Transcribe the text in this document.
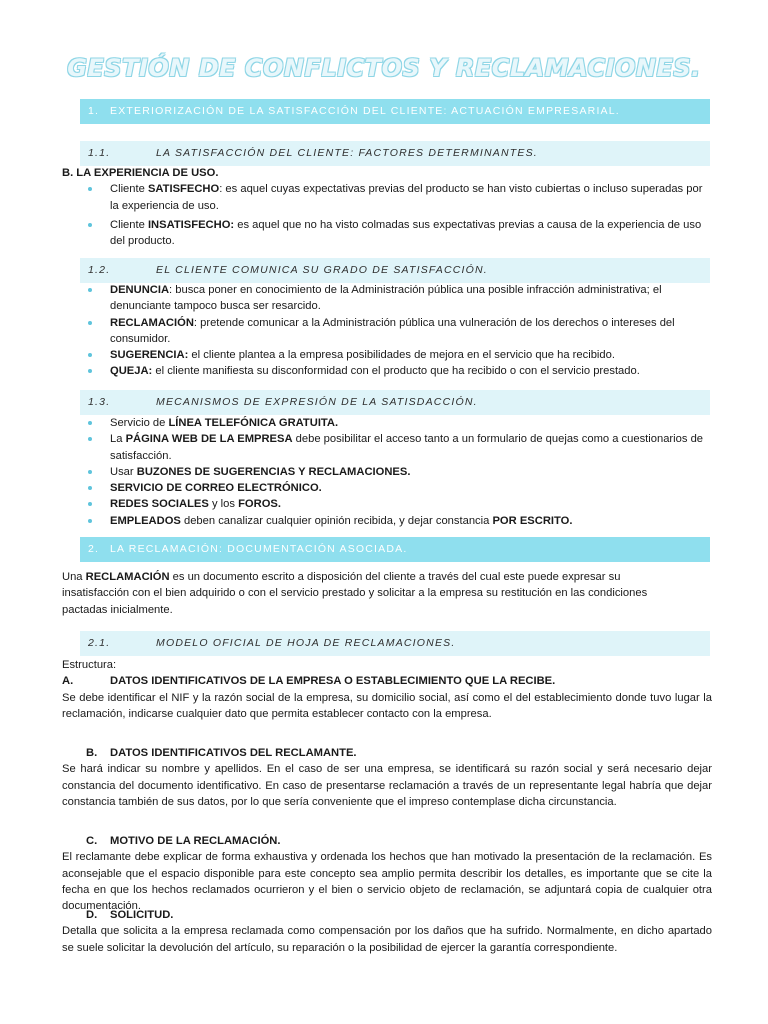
GESTIÓN DE CONFLICTOS Y RECLAMACIONES.
1.	EXTERIORIZACIÓN DE LA SATISFACCIÓN DEL CLIENTE: ACTUACIÓN EMPRESARIAL.
1.1.	LA SATISFACCIÓN DEL CLIENTE: FACTORES DETERMINANTES.
B. LA EXPERIENCIA DE USO.
Cliente SATISFECHO: es aquel cuyas expectativas previas del producto se han visto cubiertas o incluso superadas por la experiencia de uso.
Cliente INSATISFECHO: es aquel que no ha visto colmadas sus expectativas previas a causa de la experiencia de uso del producto.
1.2.	EL CLIENTE COMUNICA SU GRADO DE SATISFACCIÓN.
DENUNCIA: busca poner en conocimiento de la Administración pública una posible infracción administrativa; el denunciante tampoco busca ser resarcido.
RECLAMACIÓN: pretende comunicar a la Administración pública una vulneración de los derechos o intereses del consumidor.
SUGERENCIA: el cliente plantea a la empresa posibilidades de mejora en el servicio que ha recibido.
QUEJA: el cliente manifiesta su disconformidad con el producto que ha recibido o con el servicio prestado.
1.3.	MECANISMOS DE EXPRESIÓN DE LA SATISDACCIÓN.
Servicio de LÍNEA TELEFÓNICA GRATUITA.
La PÁGINA WEB DE LA EMPRESA debe posibilitar el acceso tanto a un formulario de quejas como a cuestionarios de satisfacción.
Usar BUZONES DE SUGERENCIAS Y RECLAMACIONES.
SERVICIO DE CORREO ELECTRÓNICO.
REDES SOCIALES y los FOROS.
EMPLEADOS deben canalizar cualquier opinión recibida, y dejar constancia POR ESCRITO.
2.	LA RECLAMACIÓN: DOCUMENTACIÓN ASOCIADA.

Una RECLAMACIÓN es un documento escrito a disposición del cliente a través del cual este puede expresar su insatisfacción con el bien adquirido o con el servicio prestado y solicitar a la empresa su restitución en las condiciones pactadas inicialmente.

2.1.	MODELO OFICIAL DE HOJA DE RECLAMACIONES.
Estructura:
A.	DATOS IDENTIFICATIVOS DE LA EMPRESA O ESTABLECIMIENTO QUE LA RECIBE.

Se debe identificar el NIF y la razón social de la empresa, su domicilio social, así como el del establecimiento donde tuvo lugar la reclamación, indicarse cualquier dato que permita establecer contacto con la empresa.

B. DATOS IDENTIFICATIVOS DEL RECLAMANTE.

Se hará indicar su nombre y apellidos. En el caso de ser una empresa, se identificará su razón social y será necesario dejar constancia del documento identificativo. En caso de presentarse reclamación a través de un representante legal habría que dejar constancia también de sus datos, por lo que sería conveniente que el impreso contemplase dicha circunstancia.

C. MOTIVO DE LA RECLAMACIÓN.

El reclamante debe explicar de forma exhaustiva y ordenada los hechos que han motivado la presentación de la reclamación. Es aconsejable que el espacio disponible para este concepto sea amplio permita describir los detalles, es importante que se cite la fecha en que los hechos reclamados ocurrieron y el bien o servicio objeto de reclamación, se adjuntará copia de cualquier otra documentación.

D. SOLICITUD.

Detalla que solicita a la empresa reclamada como compensación por los daños que ha sufrido. Normalmente, en dicho apartado se suele solicitar la devolución del artículo, su reparación o la posibilidad de ejercer la garantía correspondiente.
